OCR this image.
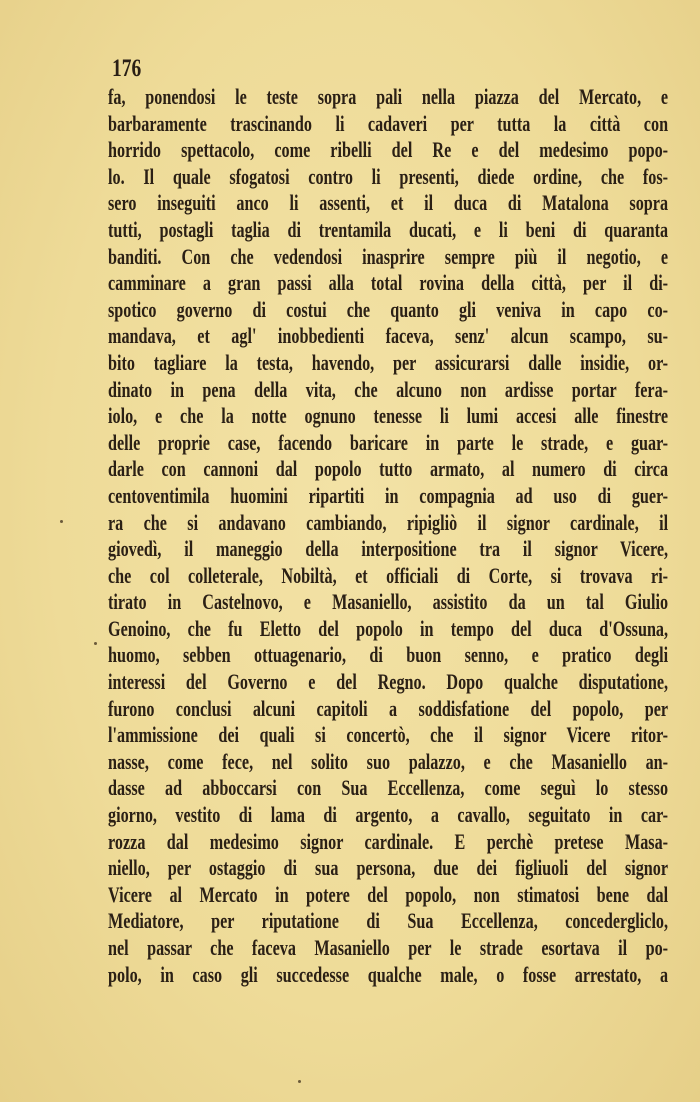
176
fa, ponendosi le teste sopra pali nella piazza del Mercato, e
barbaramente trascinando li cadaveri per tutta la città con
horrido spettacolo, come ribelli del Re e del medesimo popo-
lo. Il quale sfogatosi contro li presenti, diede ordine, che fos-
sero inseguiti anco li assenti, et il duca di Matalona sopra
tutti, postagli taglia di trentamila ducati, e li beni di quaranta
banditi. Con che vedendosi inasprire sempre più il negotio, e
camminare a gran passi alla total rovina della città, per il di-
spotico governo di costui che quanto gli veniva in capo co-
mandava, et agl' inobbedienti faceva, senz' alcun scampo, su-
bito tagliare la testa, havendo, per assicurarsi dalle insidie, or-
dinato in pena della vita, che alcuno non ardisse portar fera-
iolo, e che la notte ognuno tenesse li lumi accesi alle finestre
delle proprie case, facendo baricare in parte le strade, e guar-
darle con cannoni dal popolo tutto armato, al numero di circa
centoventimila huomini ripartiti in compagnia ad uso di guer-
ra che si andavano cambiando, ripigliò il signor cardinale, il
giovedì, il maneggio della interpositione tra il signor Vicere,
che col colleterale, Nobiltà, et officiali di Corte, si trovava ri-
tirato in Castelnovo, e Masaniello, assistito da un tal Giulio
Genoino, che fu Eletto del popolo in tempo del duca d'Ossuna,
huomo, sebben ottuagenario, di buon senno, e pratico degli
interessi del Governo e del Regno. Dopo qualche disputatione,
furono conclusi alcuni capitoli a soddisfatione del popolo, per
l'ammissione dei quali si concertò, che il signor Vicere ritor-
nasse, come fece, nel solito suo palazzo, e che Masaniello an-
dasse ad abboccarsi con Sua Eccellenza, come seguì lo stesso
giorno, vestito di lama di argento, a cavallo, seguitato in car-
rozza dal medesimo signor cardinale. E perchè pretese Masa-
niello, per ostaggio di sua persona, due dei figliuoli del signor
Vicere al Mercato in potere del popolo, non stimatosi bene dal
Mediatore, per riputatione di Sua Eccellenza, concedergliclo,
nel passar che faceva Masaniello per le strade esortava il po-
polo, in caso gli succedesse qualche male, o fosse arrestato, a
